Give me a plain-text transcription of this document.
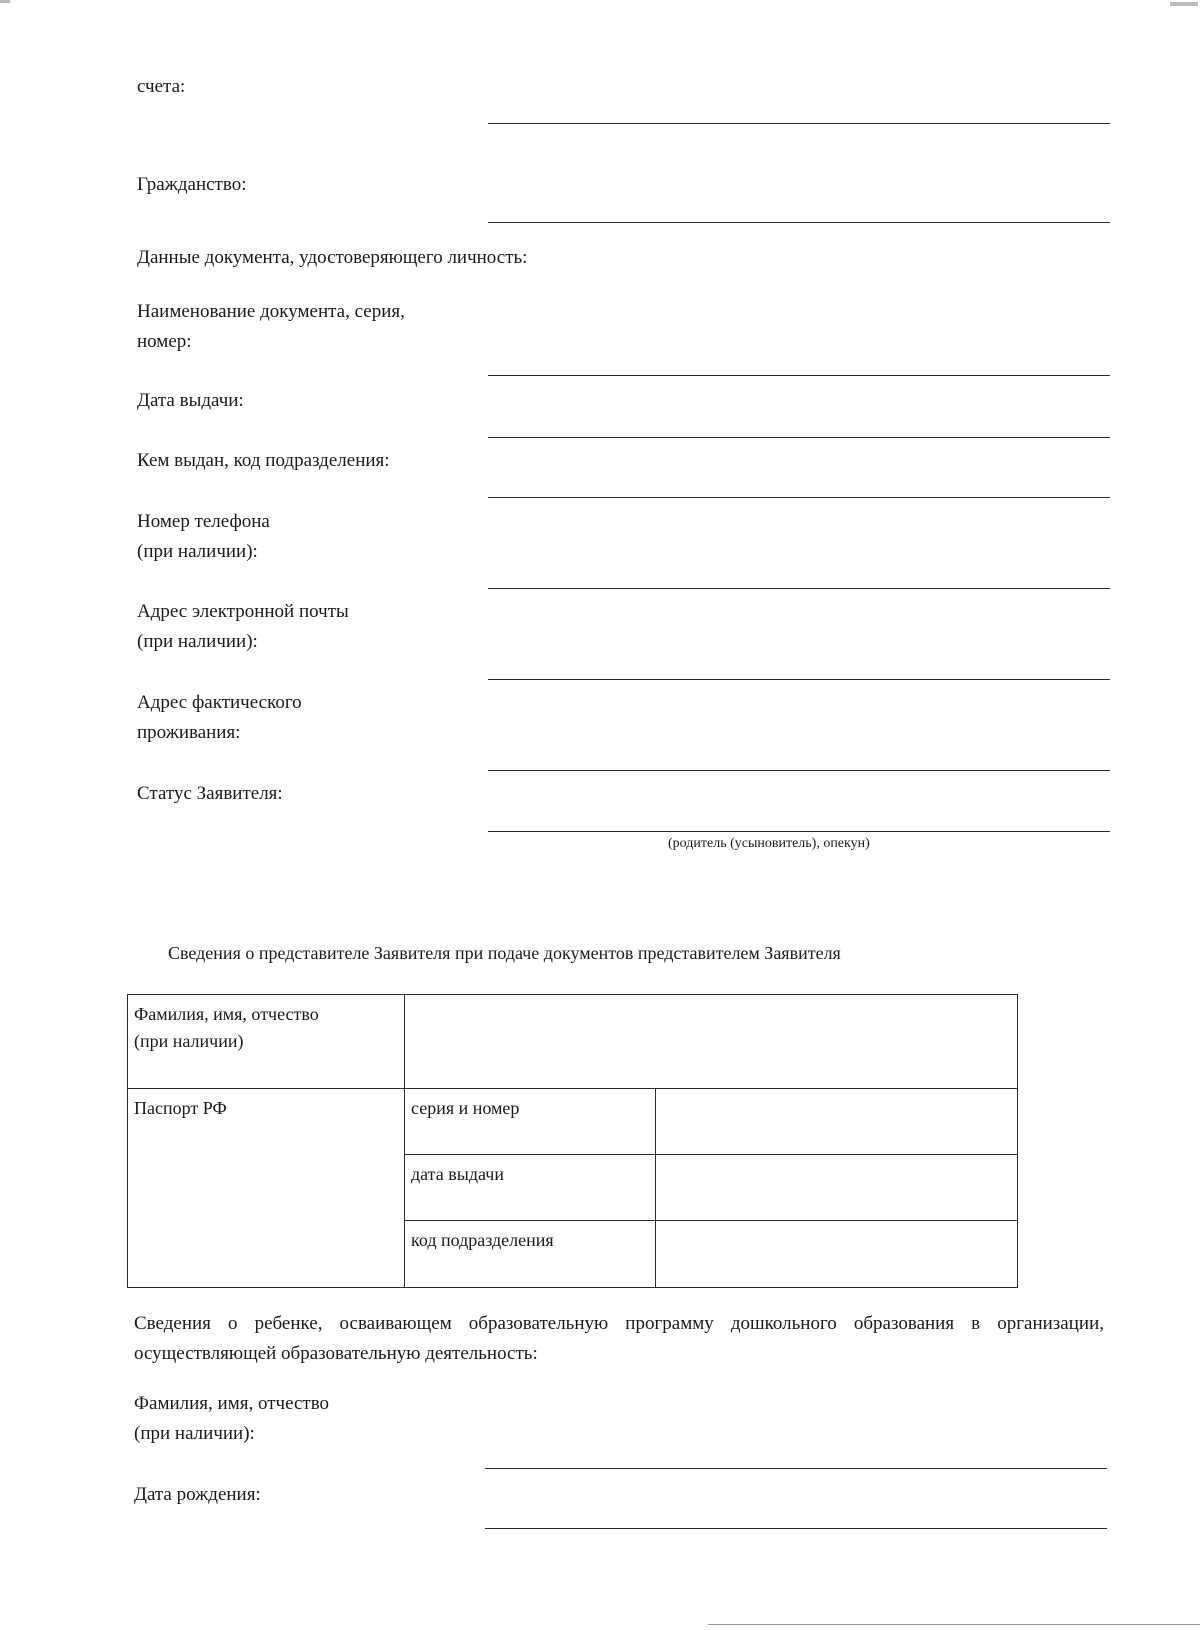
счета:
Гражданство:
Данные документа, удостоверяющего личность:
Наименование документа, серия,
номер:
Дата выдачи:
Кем выдан, код подразделения:
Номер телефона
(при наличии):
Адрес электронной почты
(при наличии):
Адрес фактического
проживания:
Статус Заявителя:
(родитель (усыновитель), опекун)
Сведения о представителе Заявителя при подаче документов представителем Заявителя
Фамилия, имя, отчество
(при наличии)		

Паспорт РФ	серия и номер	

	дата выдачи	

	код подразделения	

Сведения о ребенке, осваивающем образовательную программу дошкольного образования в организации, осуществляющей образовательную деятельность:
Фамилия, имя, отчество
(при наличии):
Дата рождения:
